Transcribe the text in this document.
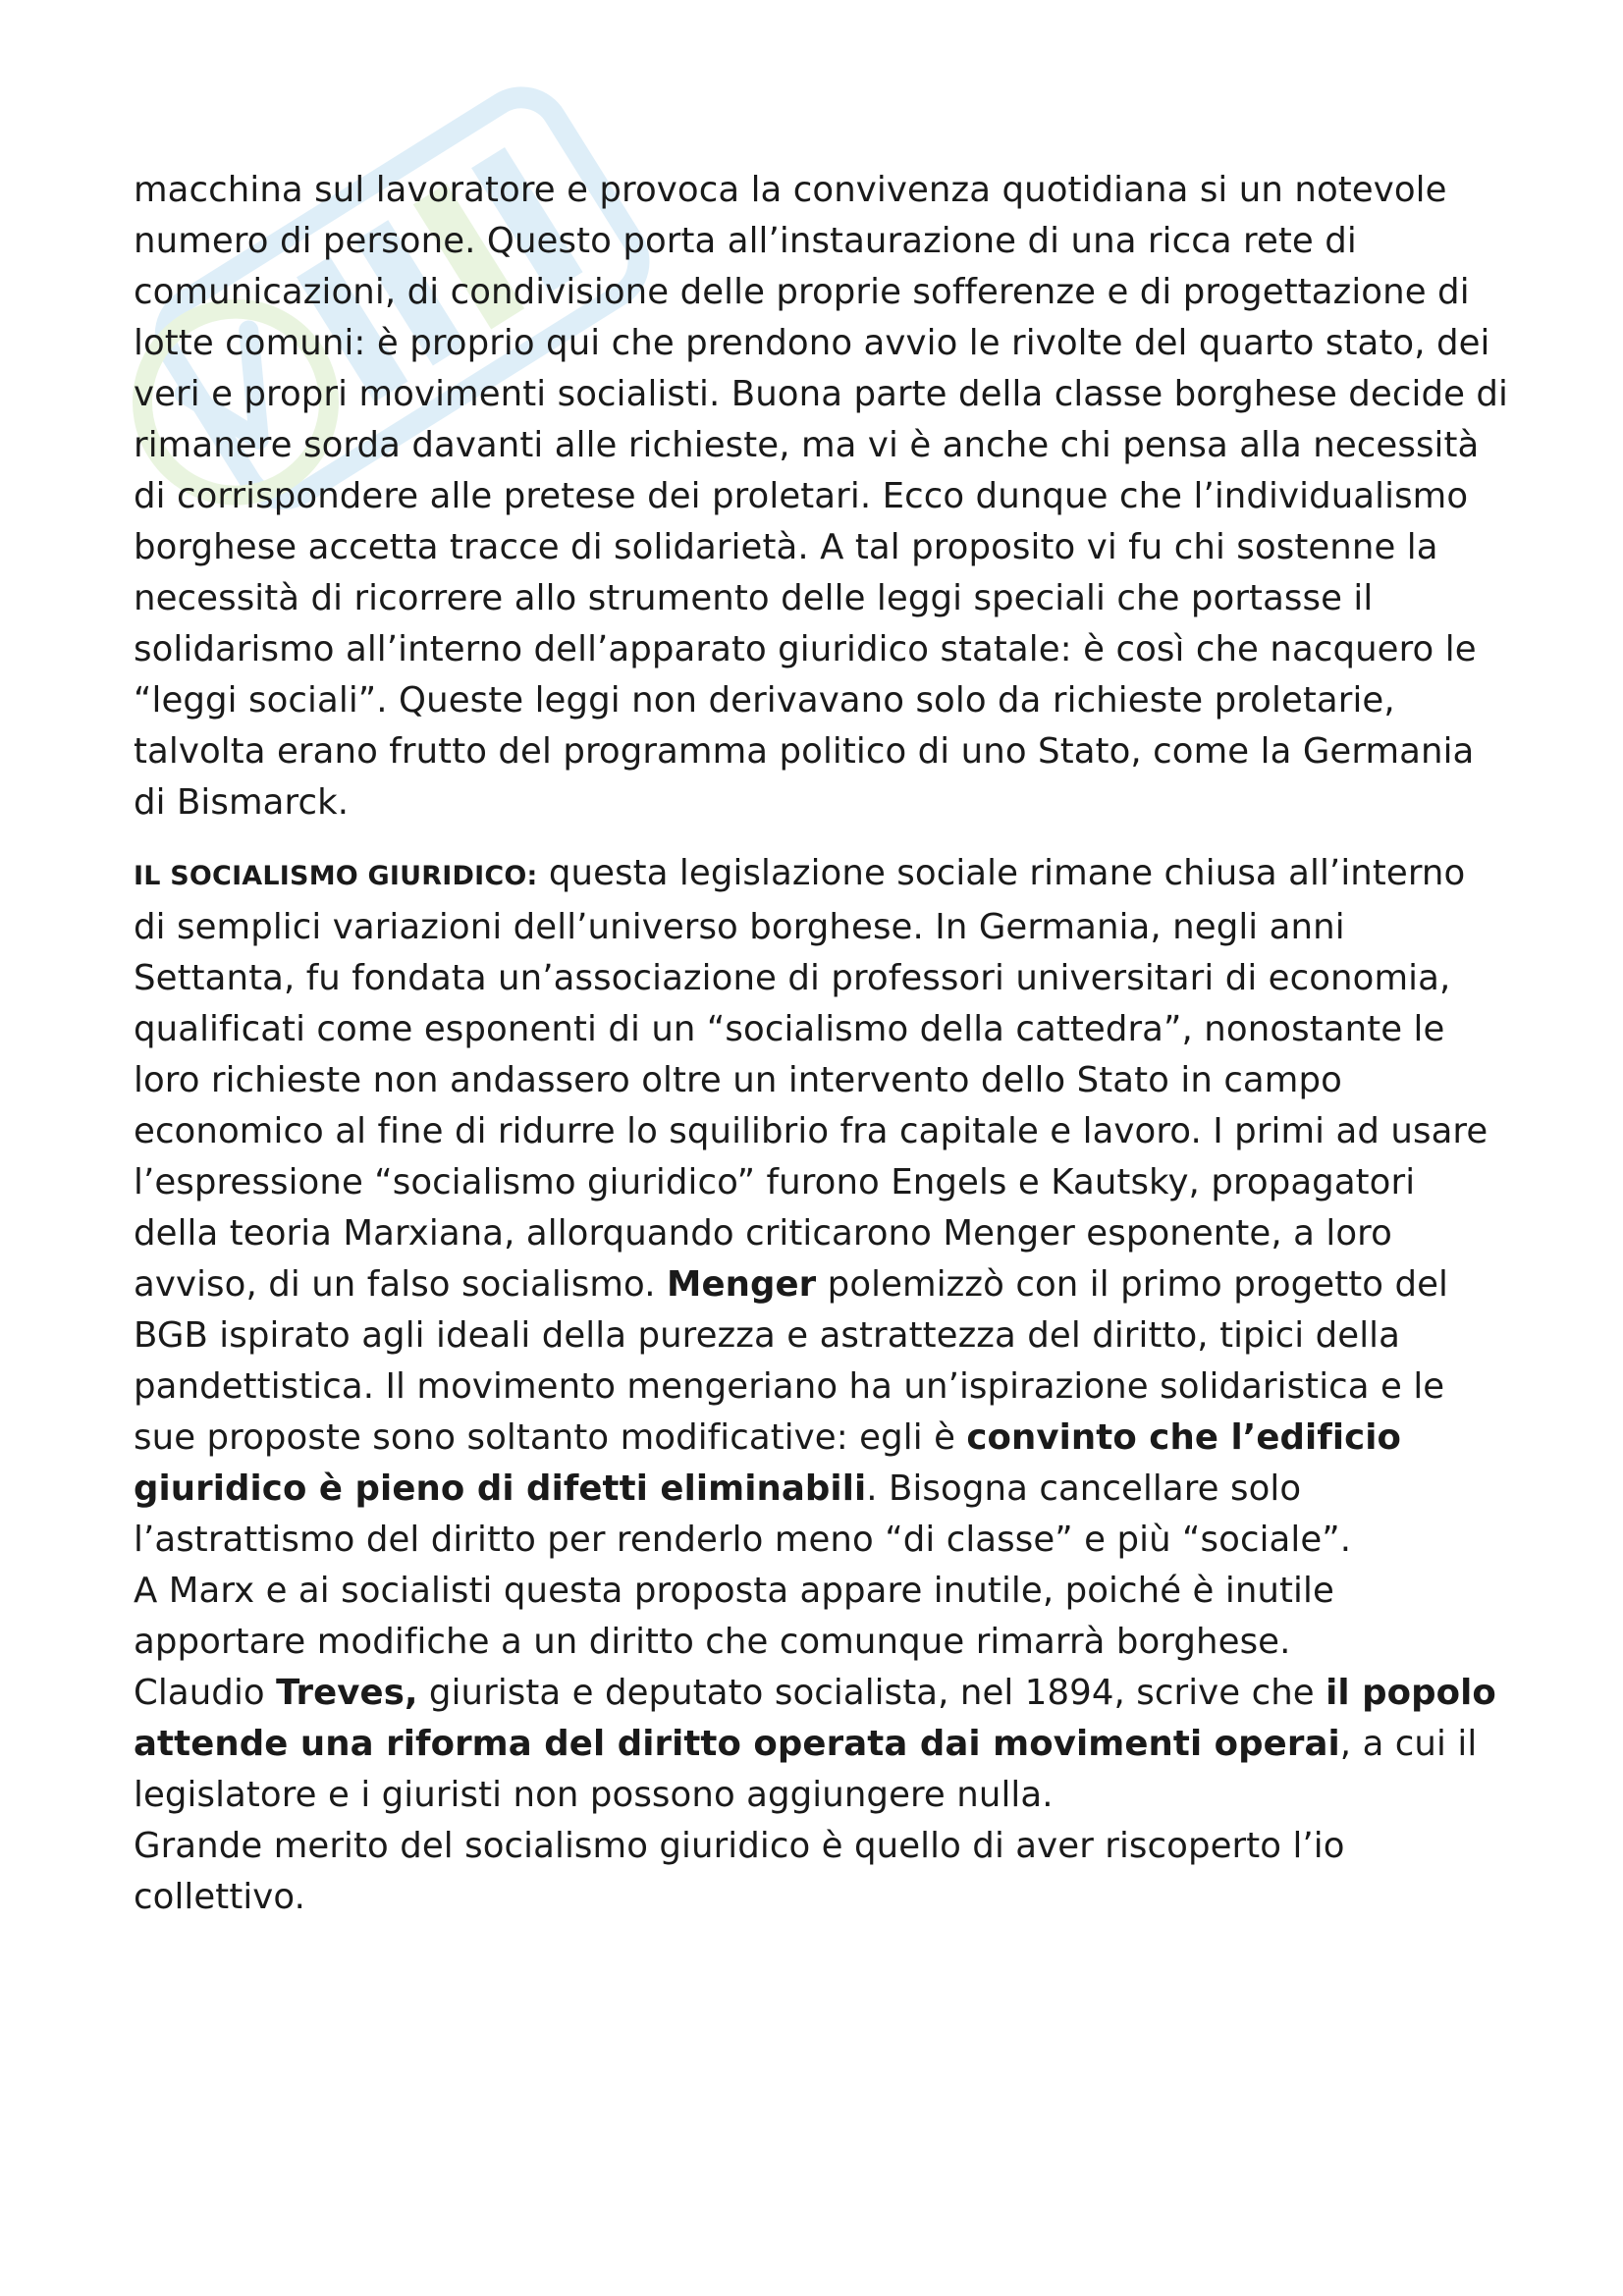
macchina sul lavoratore e provoca la convivenza quotidiana si un notevole numero di persone. Questo porta all’instaurazione di una ricca rete di comunicazioni, di condivisione delle proprie sofferenze e di progettazione di lotte comuni: è proprio qui che prendono avvio le rivolte del quarto stato, dei veri e propri movimenti socialisti. Buona parte della classe borghese decide di rimanere sorda davanti alle richieste, ma vi è anche chi pensa alla necessità di corrispondere alle pretese dei proletari. Ecco dunque che l’individualismo borghese accetta tracce di solidarietà. A tal proposito vi fu chi sostenne la necessità di ricorrere allo strumento delle leggi speciali che portasse il solidarismo all’interno dell’apparato giuridico statale: è così che nacquero le “leggi sociali”. Queste leggi non derivavano solo da richieste proletarie, talvolta erano frutto del programma politico di uno Stato, come la Germania di Bismarck.

IL SOCIALISMO GIURIDICO: questa legislazione sociale rimane chiusa all’interno di semplici variazioni dell’universo borghese. In Germania, negli anni Settanta, fu fondata un’associazione di professori universitari di economia, qualificati come esponenti di un “socialismo della cattedra”, nonostante le loro richieste non andassero oltre un intervento dello Stato in campo economico al fine di ridurre lo squilibrio fra capitale e lavoro. I primi ad usare l’espressione “socialismo giuridico” furono Engels e Kautsky, propagatori della teoria Marxiana, allorquando criticarono Menger esponente, a loro avviso, di un falso socialismo. Menger polemizzò con il primo progetto del BGB ispirato agli ideali della purezza e astrattezza del diritto, tipici della pandettistica. Il movimento mengeriano ha un’ispirazione solidaristica e le sue proposte sono soltanto modificative: egli è convinto che l’edificio giuridico è pieno di difetti eliminabili. Bisogna cancellare solo l’astrattismo del diritto per renderlo meno “di classe” e più “sociale”.

A Marx e ai socialisti questa proposta appare inutile, poiché è inutile apportare modifiche a un diritto che comunque rimarrà borghese.

Claudio Treves, giurista e deputato socialista, nel 1894, scrive che il popolo attende una riforma del diritto operata dai movimenti operai, a cui il legislatore e i giuristi non possono aggiungere nulla.

Grande merito del socialismo giuridico è quello di aver riscoperto l’io collettivo.
